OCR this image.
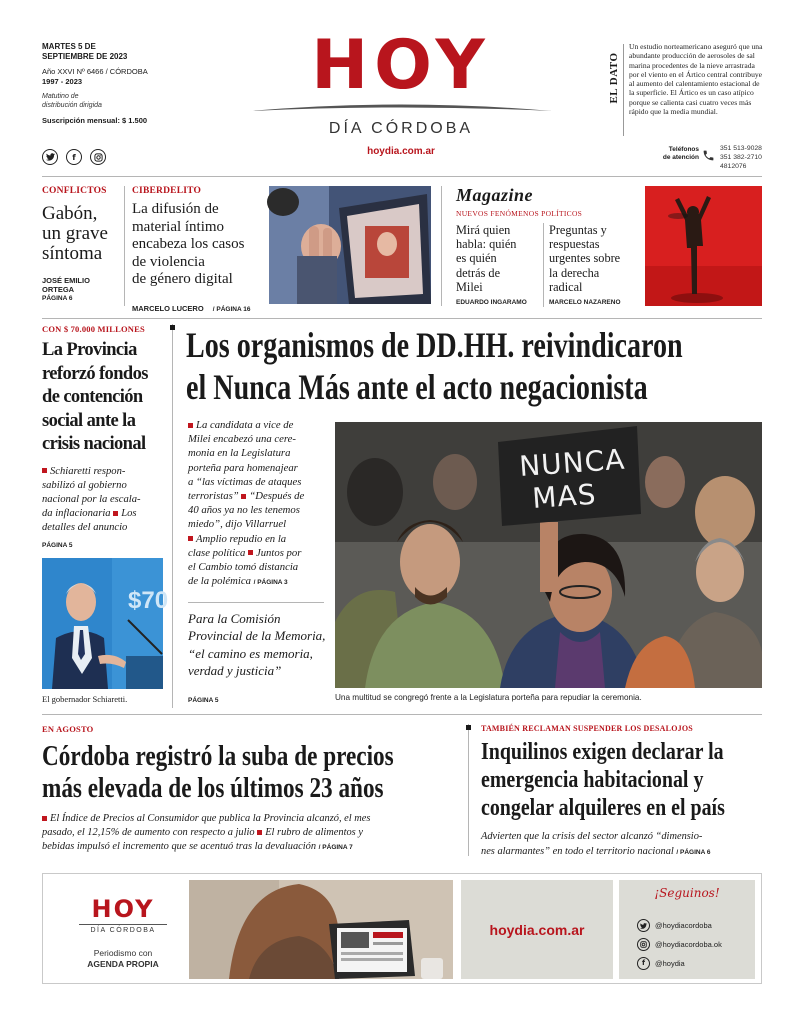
MARTES 5 DE
SEPTIEMBRE DE 2023
Año XXVI Nº 6466 / CÓRDOBA
1997 - 2023
Matutino de
distribución dirigida
Suscripción mensual: $ 1.500
f
HOY
DÍA CÓRDOBA
hoydia.com.ar
EL DATO
Un estudio norteamericano aseguró que una abundante producción de aerosoles de sal marina procedentes de la nieve arrastrada por el viento en el Ártico central contribuye al aumento del calentamiento estacional de la superficie. El Ártico es un caso atípico porque se calienta casi cuatro veces más rápido que la media mundial.
Teléfonos
de atención
351 513-9028
351 382-2710
4812076
CONFLICTOS
Gabón,
un grave
síntoma
JOSÉ EMILIO
ORTEGA
PÁGINA 6
CIBERDELITO
La difusión de
material íntimo
encabeza los casos
de violencia
de género digital
MARCELO LUCERO / PÁGINA 16
Magazine
NUEVOS FENÓMENOS POLÍTICOS
Mirá quien
habla: quién
es quién
detrás de
Milei
EDUARDO INGARAMO
Preguntas y
respuestas
urgentes sobre
la derecha
radical
MARCELO NAZARENO
CON $ 70.000 MILLONES
La Provincia
reforzó fondos
de contención
social ante la
crisis nacional
Schiaretti respon-
sabilizó al gobierno
nacional por la escala-
da inflacionaria Los
detalles del anuncio
PÁGINA 5
$70
El gobernador Schiaretti.
Los organismos de DD.HH. reivindicaron
el Nunca Más ante el acto negacionista
La candidata a vice de
Milei encabezó una cere-
monia en la Legislatura
porteña para homenajear
a “las víctimas de ataques
terroristas” “Después de
40 años ya no les tenemos
miedo”, dijo Villarruel
Amplio repudio en la
clase política Juntos por
el Cambio tomó distancia
de la polémica / PÁGINA 3
Para la Comisión
Provincial de la Memoria,
“el camino es memoria,
verdad y justicia”
PÁGINA 5
NUNCA
MAS
Una multitud se congregó frente a la Legislatura porteña para repudiar la ceremonia.
EN AGOSTO
Córdoba registró la suba de precios
más elevada de los últimos 23 años
El Índice de Precios al Consumidor que publica la Provincia alcanzó, el mes
pasado, el 12,15% de aumento con respecto a julio El rubro de alimentos y
bebidas impulsó el incremento que se acentuó tras la devaluación / PÁGINA 7
TAMBIÉN RECLAMAN SUSPENDER LOS DESALOJOS
Inquilinos exigen declarar la
emergencia habitacional y
congelar alquileres en el país
Advierten que la crisis del sector alcanzó “dimensio-
nes alarmantes” en todo el territorio nacional / PÁGINA 6
HOY
DÍA CÓRDOBA
Periodismo con
AGENDA PROPIA
hoydia.com.ar
¡Seguinos!
@hoydiacordoba
@hoydiacordoba.ok
f	@hoydia
